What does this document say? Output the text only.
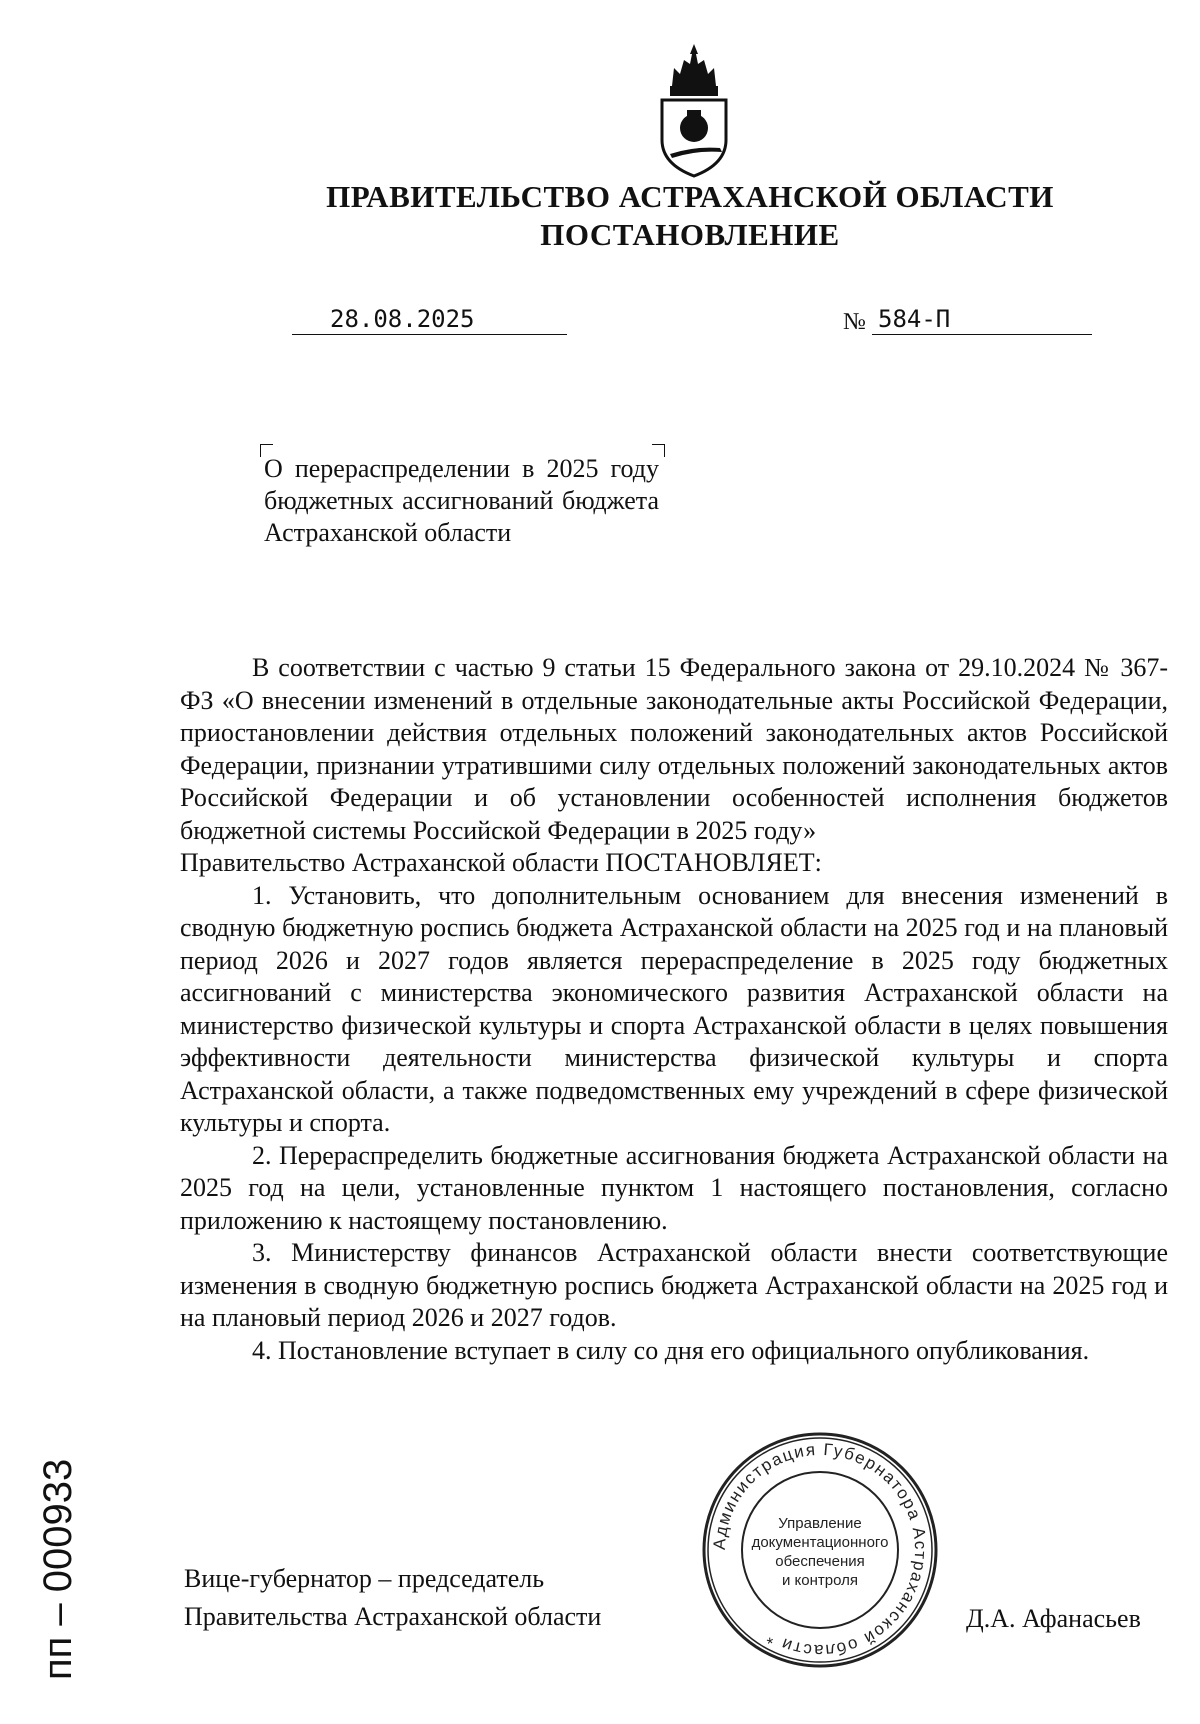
ПРАВИТЕЛЬСТВО АСТРАХАНСКОЙ ОБЛАСТИ
ПОСТАНОВЛЕНИЕ
28.08.2025	№ 584-П
О перераспределении в 2025 году бюджетных ассигнований бюджета Астраханской области

В соответствии с частью 9 статьи 15 Федерального закона от 29.10.2024 № 367-ФЗ «О внесении изменений в отдельные законодательные акты Российской Федерации, приостановлении действия отдельных положений законодательных актов Российской Федерации, признании утратившими силу отдельных положений законодательных актов Российской Федерации и об установлении особенностей исполнения бюджетов бюджетной системы Российской Федерации в 2025 году»

Правительство Астраханской области ПОСТАНОВЛЯЕТ:

1. Установить, что дополнительным основанием для внесения изменений в сводную бюджетную роспись бюджета Астраханской области на 2025 год и на плановый период 2026 и 2027 годов является перераспределение в 2025 году бюджетных ассигнований с министерства экономического развития Астраханской области на министерство физической культуры и спорта Астраханской области в целях повышения эффективности деятельности министерства физической культуры и спорта Астраханской области, а также подведомственных ему учреждений в сфере физической культуры и спорта.

2. Перераспределить бюджетные ассигнования бюджета Астраханской области на 2025 год на цели, установленные пунктом 1 настоящего постановления, согласно приложению к настоящему постановлению.

3. Министерству финансов Астраханской области внести соответствующие изменения в сводную бюджетную роспись бюджета Астраханской области на 2025 год и на плановый период 2026 и 2027 годов.

4. Постановление вступает в силу со дня его официального опубликования.

Вице-губернатор – председатель
Правительства Астраханской области
Администрация Губернатора Астраханской области *
Управление
документационного
обеспечения
и контроля
Д.А. Афанасьев
пп – 000933
